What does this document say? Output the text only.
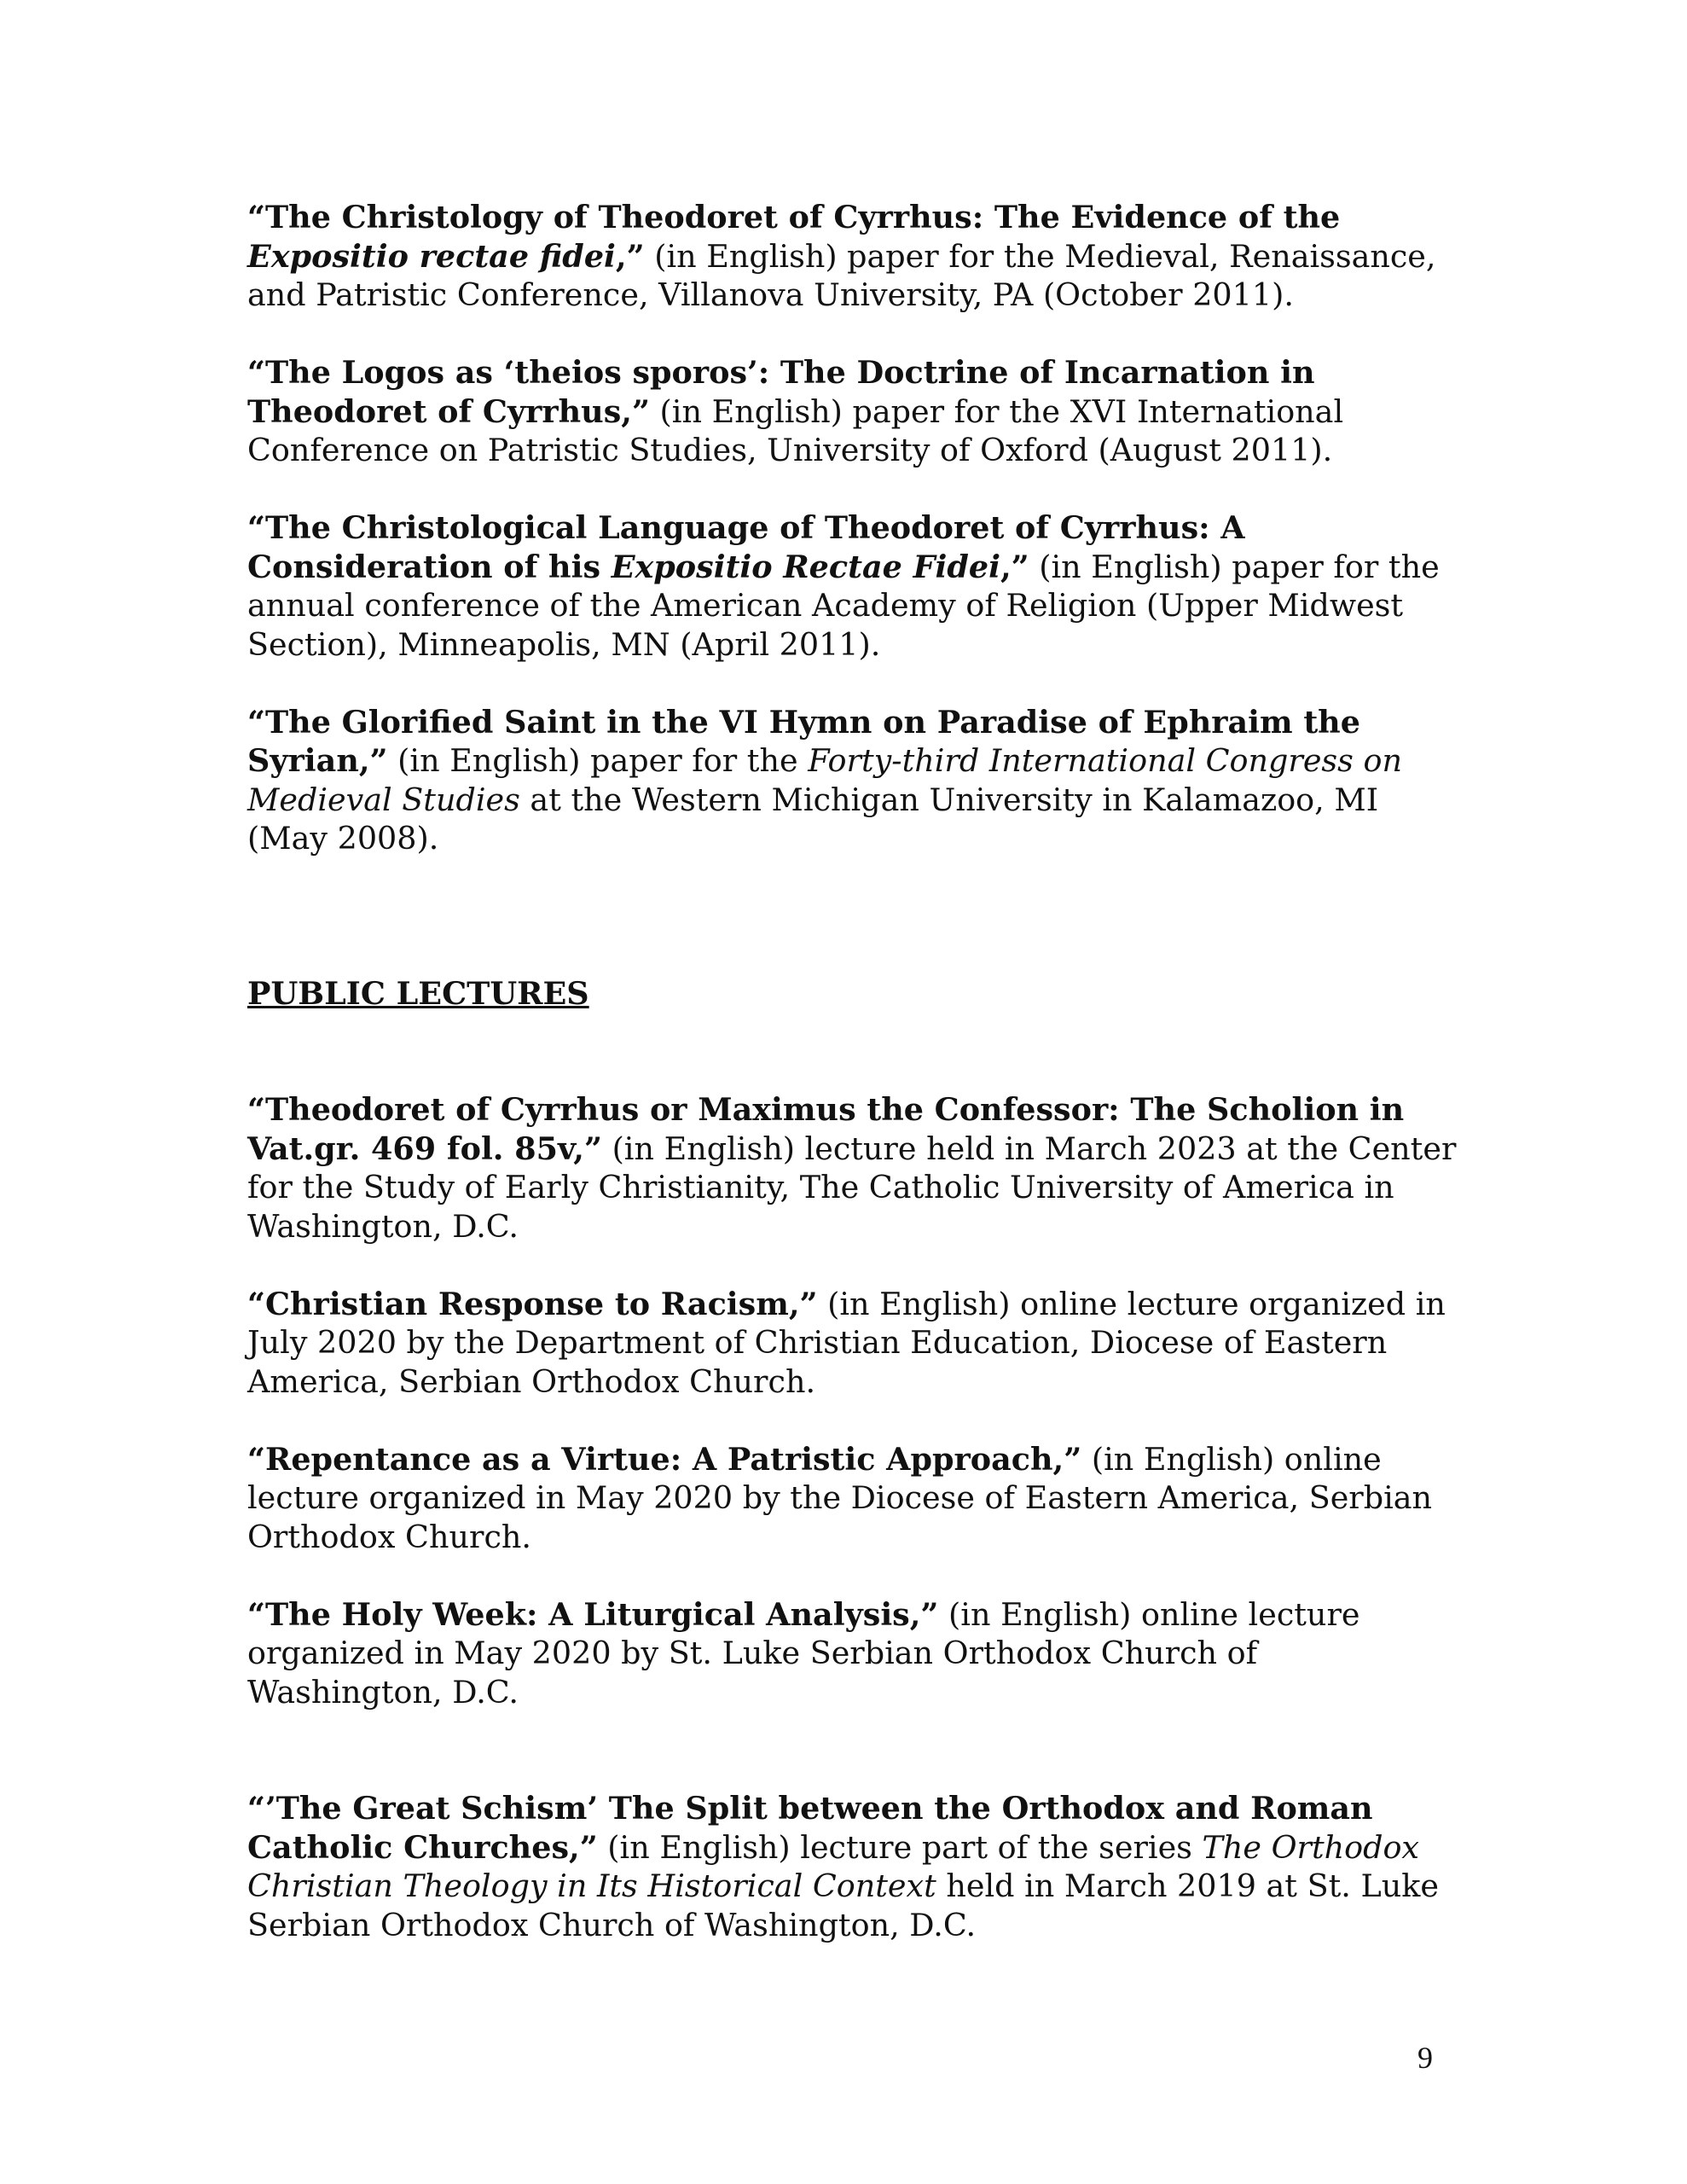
“The Christology of Theodoret of Cyrrhus: The Evidence of the Expositio rectae fidei,” (in English) paper for the Medieval, Renaissance, and Patristic Conference, Villanova University, PA (October 2011).

“The Logos as ‘theios sporos’: The Doctrine of Incarnation in Theodoret of Cyrrhus,” (in English) paper for the XVI International Conference on Patristic Studies, University of Oxford (August 2011).

“The Christological Language of Theodoret of Cyrrhus: A Consideration of his Expositio Rectae Fidei,” (in English) paper for the annual conference of the American Academy of Religion (Upper Midwest Section), Minneapolis, MN (April 2011).

“The Glorified Saint in the VI Hymn on Paradise of Ephraim the Syrian,” (in English) paper for the Forty-third International Congress on Medieval Studies at the Western Michigan University in Kalamazoo, MI (May 2008).

PUBLIC LECTURES

“Theodoret of Cyrrhus or Maximus the Confessor: The Scholion in Vat.gr. 469 fol. 85v,” (in English) lecture held in March 2023 at the Center for the Study of Early Christianity, The Catholic University of America in Washington, D.C.

“Christian Response to Racism,” (in English) online lecture organized in July 2020 by the Department of Christian Education, Diocese of Eastern America, Serbian Orthodox Church.

“Repentance as a Virtue: A Patristic Approach,” (in English) online lecture organized in May 2020 by the Diocese of Eastern America, Serbian Orthodox Church.

“The Holy Week: A Liturgical Analysis,” (in English) online lecture organized in May 2020 by St. Luke Serbian Orthodox Church of Washington, D.C.

“’The Great Schism’ The Split between the Orthodox and Roman Catholic Churches,” (in English) lecture part of the series The Orthodox Christian Theology in Its Historical Context held in March 2019 at St. Luke Serbian Orthodox Church of Washington, D.C.

9
